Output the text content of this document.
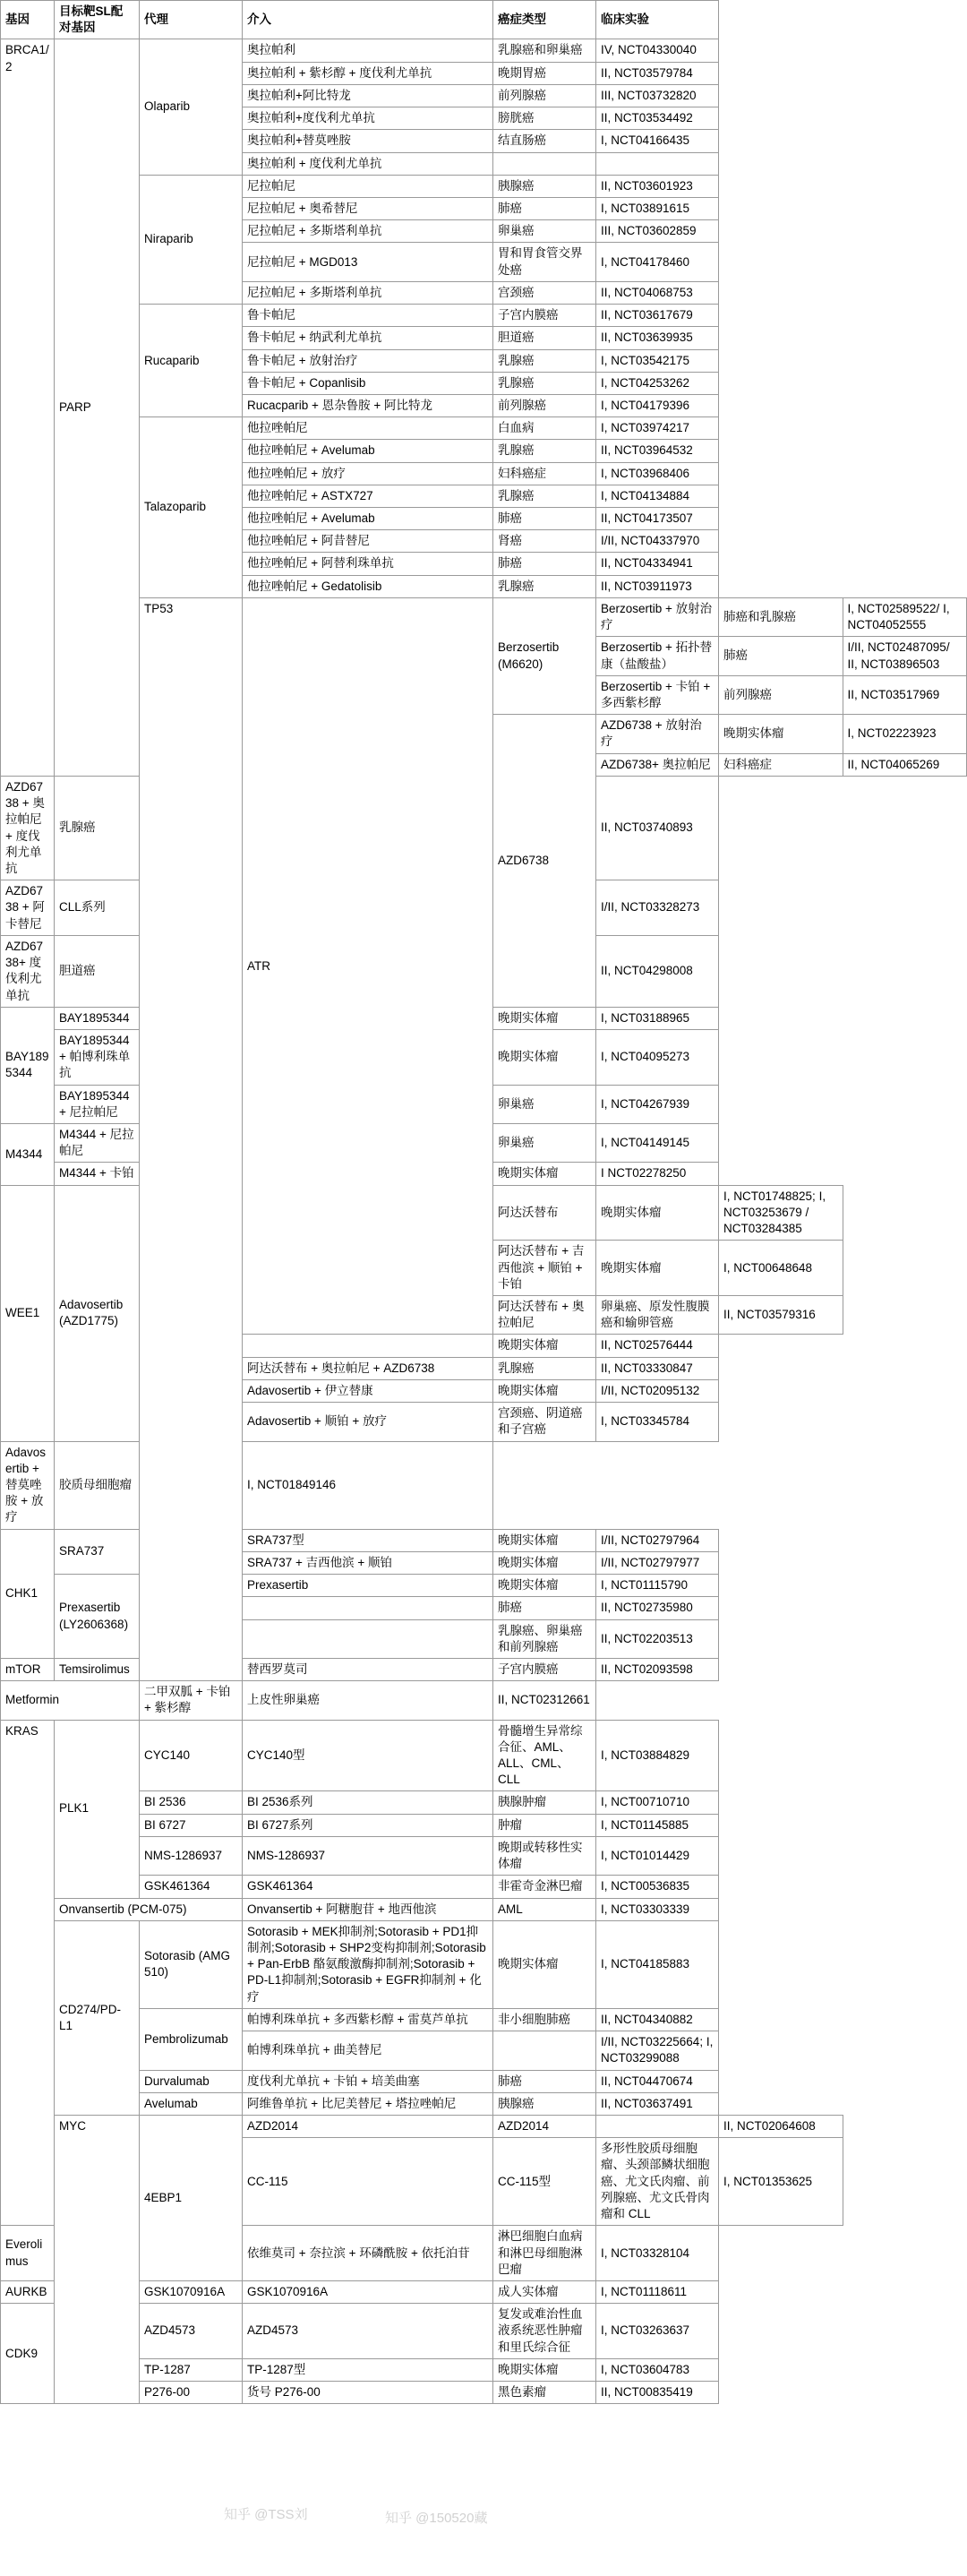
基因	目标靶SL配对基因	代理	介入	癌症类型	临床实验		
BRCA1/2	PARP	Olaparib	奥拉帕利	乳腺癌和卵巢癌	IV, NCT04330040		
			奥拉帕利 + 紫杉醇 + 度伐利尤单抗	晚期胃癌	II, NCT03579784		
			奥拉帕利+阿比特龙	前列腺癌	III, NCT03732820		
			奥拉帕利+度伐利尤单抗	膀胱癌	II, NCT03534492		
			奥拉帕利+替莫唑胺	结直肠癌	I, NCT04166435		
			奥拉帕利 + 度伐利尤单抗				
		Niraparib	尼拉帕尼	胰腺癌	II, NCT03601923		
			尼拉帕尼 + 奥希替尼	肺癌	I, NCT03891615		
			尼拉帕尼 + 多斯塔利单抗	卵巢癌	III, NCT03602859		
			尼拉帕尼 + MGD013	胃和胃食管交界处癌	I, NCT04178460		
			尼拉帕尼 + 多斯塔利单抗	宫颈癌	II, NCT04068753		
		Rucaparib	鲁卡帕尼	子宫内膜癌	II, NCT03617679		
			鲁卡帕尼 + 纳武利尤单抗	胆道癌	II, NCT03639935		
			鲁卡帕尼 + 放射治疗	乳腺癌	I, NCT03542175		
			鲁卡帕尼 + Copanlisib	乳腺癌	I, NCT04253262		
			Rucacparib + 恩杂鲁胺 + 阿比特龙	前列腺癌	I, NCT04179396		
		Talazoparib	他拉唑帕尼	白血病	I, NCT03974217		
			他拉唑帕尼 + Avelumab	乳腺癌	II, NCT03964532		
			他拉唑帕尼 + 放疗	妇科癌症	I, NCT03968406		
			他拉唑帕尼 + ASTX727	乳腺癌	I, NCT04134884		
			他拉唑帕尼 + Avelumab	肺癌	II, NCT04173507		
			他拉唑帕尼 + 阿昔替尼	肾癌	I/II, NCT04337970		
			他拉唑帕尼 + 阿替利珠单抗	肺癌	II, NCT04334941		
			他拉唑帕尼 + Gedatolisib	乳腺癌	II, NCT03911973		
		TP53	ATR	Berzosertib (M6620)	Berzosertib + 放射治疗	肺癌和乳腺癌	I, NCT02589522/ I, NCT04052555
					Berzosertib + 拓扑替康（盐酸盐）	肺癌	I/II, NCT02487095/ II, NCT03896503
					Berzosertib + 卡铂 + 多西紫杉醇	前列腺癌	II, NCT03517969
				AZD6738	AZD6738 + 放射治疗	晚期实体瘤	I, NCT02223923
					AZD6738+ 奥拉帕尼	妇科癌症	II, NCT04065269
AZD6738 + 奥拉帕尼 + 度伐利尤单抗	乳腺癌				II, NCT03740893		
AZD6738 + 阿卡替尼	CLL系列				I/II, NCT03328273		
AZD6738+ 度伐利尤单抗	胆道癌				II, NCT04298008		
BAY1895344	BAY1895344			晚期实体瘤	I, NCT03188965		
	BAY1895344 + 帕博利珠单抗			晚期实体瘤	I, NCT04095273		
	BAY1895344 + 尼拉帕尼			卵巢癌	I, NCT04267939		
M4344	M4344 + 尼拉帕尼			卵巢癌	I, NCT04149145		
	M4344 + 卡铂			晚期实体瘤	I NCT02278250		
WEE1	Adavosertib (AZD1775)			阿达沃替布	晚期实体瘤	I, NCT01748825; I, NCT03253679 / NCT03284385	
				阿达沃替布 + 吉西他滨 + 顺铂 + 卡铂	晚期实体瘤	I, NCT00648648	
				阿达沃替布 + 奥拉帕尼	卵巢癌、原发性腹膜癌和输卵管癌	II, NCT03579316	
				晚期实体瘤	II, NCT02576444		
			阿达沃替布 + 奥拉帕尼 + AZD6738	乳腺癌	II, NCT03330847		
			Adavosertib + 伊立替康	晚期实体瘤	I/II, NCT02095132		
			Adavosertib + 顺铂 + 放疗	宫颈癌、阴道癌和子宫癌	I, NCT03345784		
Adavosertib + 替莫唑胺 + 放疗	胶质母细胞瘤		I, NCT01849146				
CHK1	SRA737		SRA737型	晚期实体瘤	I/II, NCT02797964		
			SRA737 + 吉西他滨 + 顺铂	晚期实体瘤	I/II, NCT02797977		
	Prexasertib (LY2606368)		Prexasertib	晚期实体瘤	I, NCT01115790		
				肺癌	II, NCT02735980		
				乳腺癌、卵巢癌和前列腺癌	II, NCT02203513		
mTOR	Temsirolimus		替西罗莫司	子宫内膜癌	II, NCT02093598		
Metformin		二甲双胍 + 卡铂 + 紫杉醇	上皮性卵巢癌	II, NCT02312661			
KRAS	PLK1	CYC140	CYC140型	骨髓增生异常综合征、AML、ALL、CML、CLL	I, NCT03884829		
		BI 2536	BI 2536系列	胰腺肿瘤	I, NCT00710710		
		BI 6727	BI 6727系列	肿瘤	I, NCT01145885		
		NMS-1286937	NMS-1286937	晚期或转移性实体瘤	I, NCT01014429		
		GSK461364	GSK461364	非霍奇金淋巴瘤	I, NCT00536835		
	Onvansertib (PCM-075)		Onvansertib + 阿糖胞苷 + 地西他滨	AML	I, NCT03303339		
	CD274/PD-L1	Sotorasib (AMG 510)	Sotorasib + MEK抑制剂;Sotorasib + PD1抑制剂;Sotorasib + SHP2变构抑制剂;Sotorasib + Pan-ErbB 酪氨酸激酶抑制剂;Sotorasib + PD-L1抑制剂;Sotorasib + EGFR抑制剂 + 化疗	晚期实体瘤	I, NCT04185883		
		Pembrolizumab	帕博利珠单抗 + 多西紫杉醇 + 雷莫芦单抗	非小细胞肺癌	II, NCT04340882		
			帕博利珠单抗 + 曲美替尼		I/II, NCT03225664; I, NCT03299088		
		Durvalumab	度伐利尤单抗 + 卡铂 + 培美曲塞	肺癌	II, NCT04470674		
		Avelumab	阿维鲁单抗 + 比尼美替尼 + 塔拉唑帕尼	胰腺癌	II, NCT03637491		
	MYC	4EBP1	AZD2014	AZD2014		II, NCT02064608	
			CC-115	CC-115型	多形性胶质母细胞瘤、头颈部鳞状细胞癌、尤文氏肉瘤、前列腺癌、尤文氏骨肉瘤和 CLL	I, NCT01353625	
Everolimus			依维莫司 + 奈拉滨 + 环磷酰胺 + 依托泊苷	淋巴细胞白血病和淋巴母细胞淋巴瘤	I, NCT03328104		
AURKB		GSK1070916A	GSK1070916A	成人实体瘤	I, NCT01118611		
CDK9		AZD4573	AZD4573	复发或难治性血液系统恶性肿瘤和里氏综合征	I, NCT03263637		
		TP-1287	TP-1287型	晚期实体瘤	I, NCT03604783		
		P276-00	货号 P276-00	黑色素瘤	II, NCT00835419		
知乎 @TSS刘	知乎 @150520藏
